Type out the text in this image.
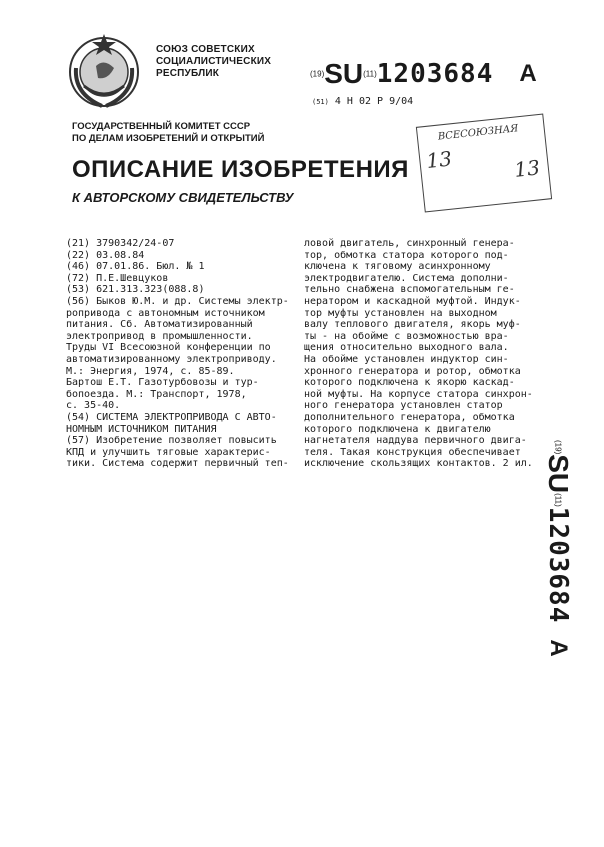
СОЮЗ СОВЕТСКИХ
СОЦИАЛИСТИЧЕСКИХ
РЕСПУБЛИК	(19)SU(11)1203684 A
(51) 4 Н 02 Р 9/04
ГОСУДАРСТВЕННЫЙ КОМИТЕТ СССР
ПО ДЕЛАМ ИЗОБРЕТЕНИЙ И ОТКРЫТИЙ
ОПИСАНИЕ ИЗОБРЕТЕНИЯ
К АВТОРСКОМУ СВИДЕТЕЛЬСТВУ
ВСЕСОЮЗНАЯ
13	13
(21) 3790342/24-07
(22) 03.08.84
(46) 07.01.86. Бюл. № 1
(72) П.Е.Шевцуков
(53) 621.313.323(088.8)
(56) Быков Ю.М. и др. Системы электр-
ропривода с автономным источником
питания. Сб. Автоматизированный
электропривод в промышленности.
Труды VI Всесоюзной конференции по
автоматизированному электроприводу.
М.: Энергия, 1974, с. 85-89.
Бартош Е.Т. Газотурбовозы и тур-
бопоезда. М.: Транспорт, 1978,
с. 35-40.
(54) СИСТЕМА ЭЛЕКТРОПРИВОДА С АВТО-
НОМНЫМ ИСТОЧНИКОМ ПИТАНИЯ
(57) Изобретение позволяет повысить
КПД и улучшить тяговые характерис-
тики. Система содержит первичный теп-
ловой двигатель, синхронный генера-
тор, обмотка статора которого под-
ключена к тяговому асинхронному
электродвигателю. Система дополни-
тельно снабжена вспомогательным ге-
нератором и каскадной муфтой. Индук-
тор муфты установлен на выходном
валу теплового двигателя, якорь муф-
ты - на обойме с возможностью вра-
щения относительно выходного вала.
На обойме установлен индуктор син-
хронного генератора и ротор, обмотка
которого подключена к якорю каскад-
ной муфты. На корпусе статора синхрон-
ного генератора установлен статор
дополнительного генератора, обмотка
которого подключена к двигателю
нагнетателя наддува первичного двига-
теля. Такая конструкция обеспечивает
исключение скользящих контактов. 2 ил.
(19)SU(11)1203684A
